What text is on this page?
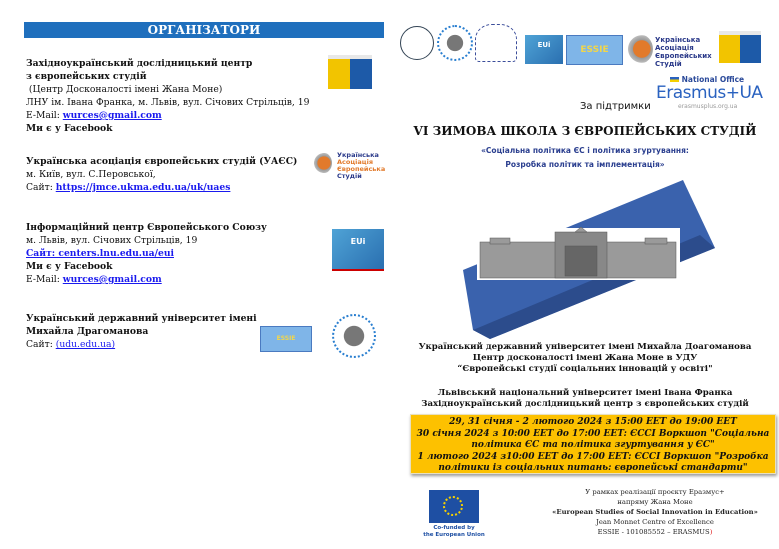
ОРГАНІЗАТОРИ
Західноукраїнський дослідницький центр
з європейських студій
(Центр Досконалості імені Жана Моне)
ЛНУ ім. Івана Франка, м. Львів, вул. Січових Стрільців, 19
E-Mail: wurces@gmail.com
Ми є у Facebook
Українська асоціація європейських студій (УАЄС)
м. Київ, вул. С.Перовської,
Сайт: https://jmce.ukma.edu.ua/uk/uaes
Українська
Асоціація
Європейська
Студій
Інформаційний центр Європейського Союзу
м. Львів, вул. Січових Стрільців, 19
Сайт: centers.lnu.edu.ua/eui
Ми є у Facebook
E-Mail: wurces@gmail.com
EUi
Український державний університет імені
Михайла Драгоманова
Сайт: (udu.edu.ua)
ESSIE
EUi	ESSIE
Українська
Асоціація
Європейських
Студій
National Office
Erasmus+UA
erasmusplus.org.ua
За підтримки
VI ЗИМОВА ШКОЛА З ЄВРОПЕЙСЬКИХ СТУДІЙ
«Соціальна політика ЄС і політика згуртування:
Розробка політик та імплементація»
Український державний університет імені Михайла Доагоманова
Центр досконалості імені Жана Моне в УДУ
“Європейські студії соціальних інновацій у освіті"
Львівський національний університет імені Івана Франка
Західноукраїнський дослідницький центр з європейських студій
29, 31 січня - 2 лютого 2024 з 15:00 EET до 19:00 EET
30 січня 2024 з 10:00 EET до 17:00 EET: ЄССІ Воркшоп "Соціальна
політика ЄС та політика згуртування у ЄС"
1 лютого 2024 з10:00 EET до 17:00 EET: ЄССІ Воркшоп "Розробка
політики із соціальних питань: європейські стандарти"
Co-funded by
the European Union
У рамках реалізації проєкту Еразмус+
напряму Жана Моне
«European Studies of Social Innovation in Education»
Jean Monnet Centre of Excellence
ESSIE - 101085552 – ERASMUS)
